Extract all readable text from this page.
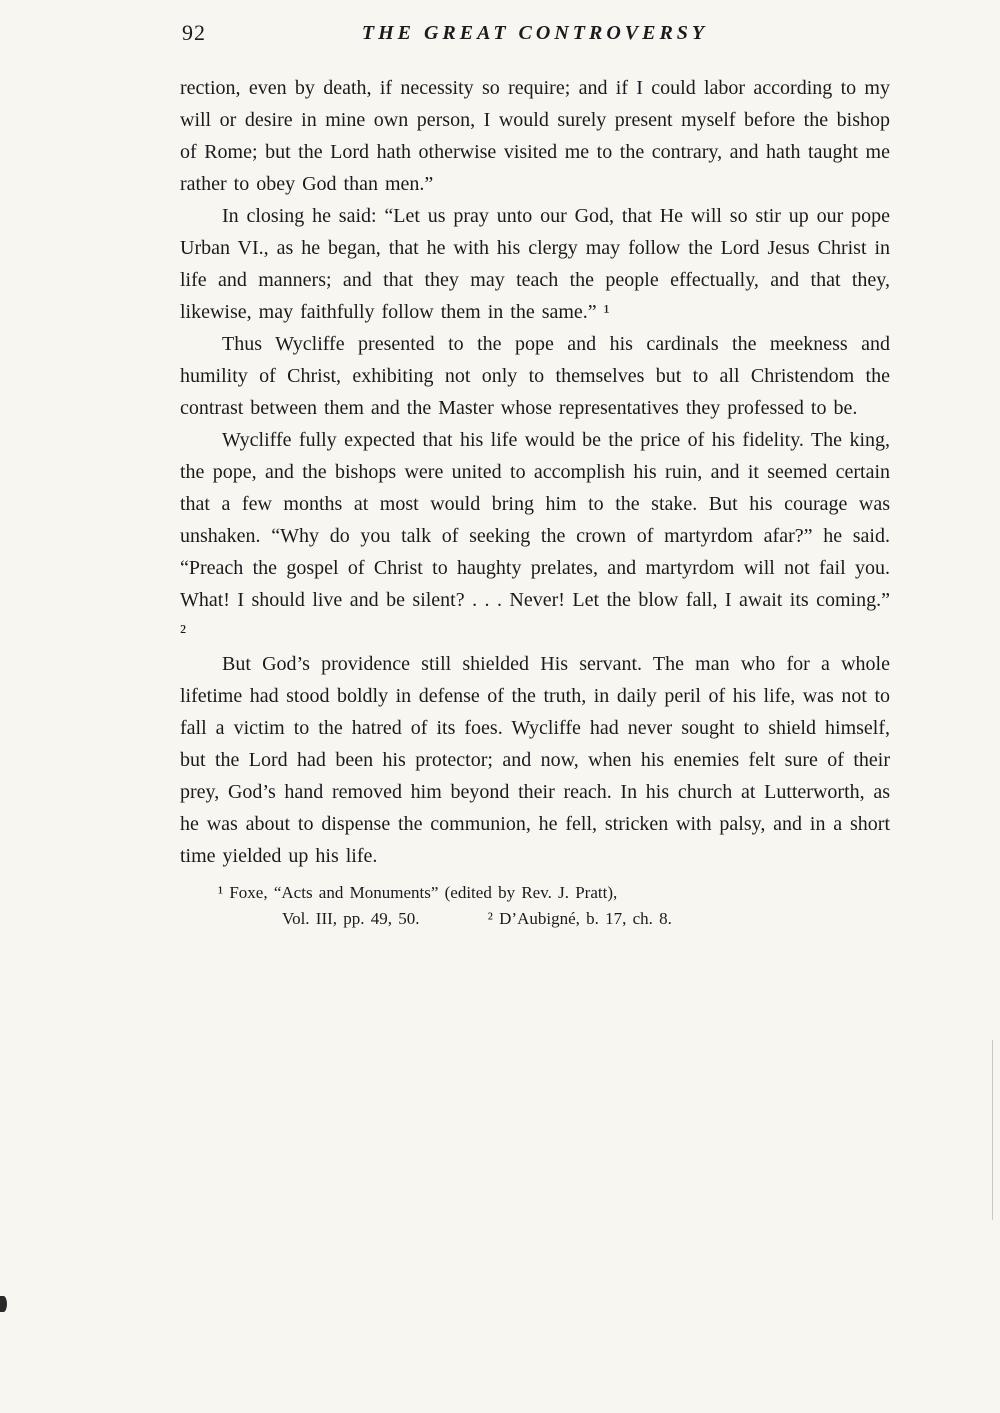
92	THE GREAT CONTROVERSY

rection, even by death, if necessity so require; and if I could labor according to my will or desire in mine own person, I would surely present myself before the bishop of Rome; but the Lord hath otherwise visited me to the contrary, and hath taught me rather to obey God than men.”

In closing he said: “Let us pray unto our God, that He will so stir up our pope Urban VI., as he began, that he with his clergy may follow the Lord Jesus Christ in life and manners; and that they may teach the people effectually, and that they, likewise, may faithfully follow them in the same.” ¹

Thus Wycliffe presented to the pope and his cardinals the meekness and humility of Christ, exhibiting not only to themselves but to all Christendom the contrast between them and the Master whose representatives they professed to be.

Wycliffe fully expected that his life would be the price of his fidelity. The king, the pope, and the bishops were united to accomplish his ruin, and it seemed certain that a few months at most would bring him to the stake. But his courage was unshaken. “Why do you talk of seeking the crown of martyrdom afar?” he said. “Preach the gospel of Christ to haughty prelates, and martyrdom will not fail you. What! I should live and be silent? . . . Never! Let the blow fall, I await its coming.” ²

But God’s providence still shielded His servant. The man who for a whole lifetime had stood boldly in defense of the truth, in daily peril of his life, was not to fall a victim to the hatred of its foes. Wycliffe had never sought to shield himself, but the Lord had been his protector; and now, when his enemies felt sure of their prey, God’s hand removed him beyond their reach. In his church at Lutterworth, as he was about to dispense the communion, he fell, stricken with palsy, and in a short time yielded up his life.

¹ Foxe, “Acts and Monuments” (edited by Rev. J. Pratt),
Vol. III, pp. 49, 50.	² D’Aubigné, b. 17, ch. 8.
